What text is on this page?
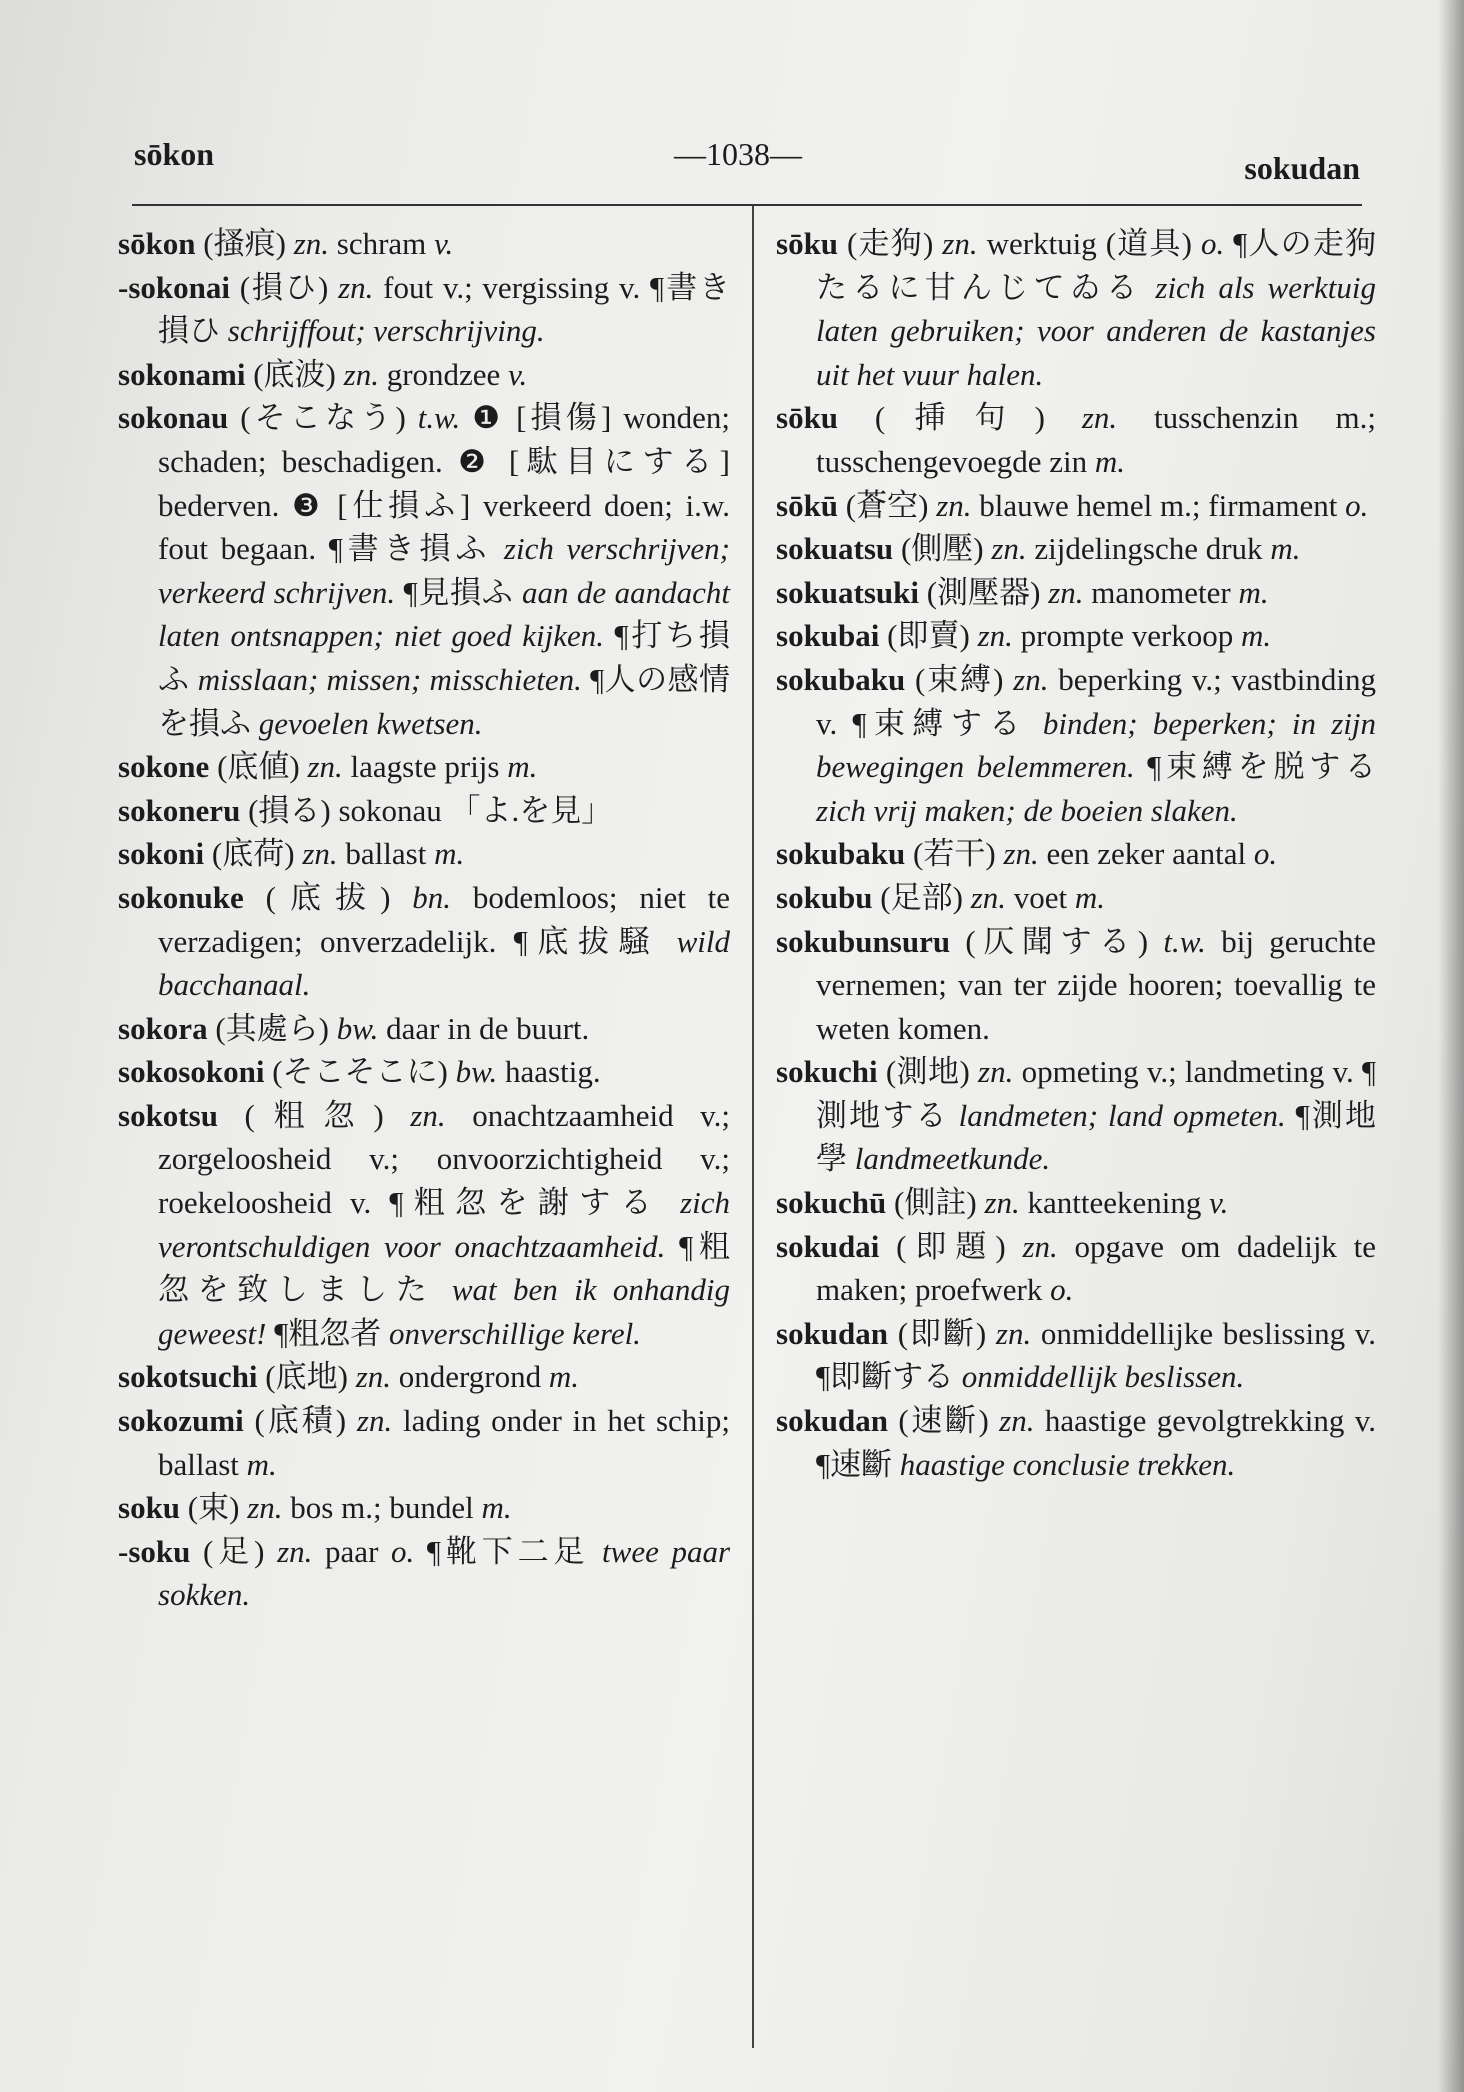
sōkon	—1038—	sokudan

sōkon (搔痕) zn. schram v.

-sokonai (損ひ) zn. fout v.; vergissing v. ¶書き損ひ schrijffout; verschrijving.

sokonami (底波) zn. grondzee v.

sokonau (そこなう) t.w. ❶ [損傷] wonden; schaden; beschadigen. ❷ [駄目にする] bederven. ❸ [仕損ふ] verkeerd doen; i.w. fout begaan. ¶書き損ふ zich verschrijven; verkeerd schrijven. ¶見損ふ aan de aandacht laten ontsnappen; niet goed kijken. ¶打ち損ふ misslaan; missen; misschieten. ¶人の感情を損ふ gevoelen kwetsen.

sokone (底値) zn. laagste prijs m.

sokoneru (損る) sokonau 「よ.を見」

sokoni (底荷) zn. ballast m.

sokonuke (底拔) bn. bodemloos; niet te verzadigen; onverzadelijk. ¶底拔騒 wild bacchanaal.

sokora (其處ら) bw. daar in de buurt.

sokosokoni (そこそこに) bw. haastig.

sokotsu (粗忽) zn. onachtzaamheid v.; zorgeloosheid v.; onvoorzichtigheid v.; roekeloosheid v. ¶粗忽を謝する zich verontschuldigen voor onachtzaamheid. ¶粗忽を致しました wat ben ik onhandig geweest! ¶粗忽者 onverschillige kerel.

sokotsuchi (底地) zn. ondergrond m.

sokozumi (底積) zn. lading onder in het schip; ballast m.

soku (束) zn. bos m.; bundel m.

-soku (足) zn. paar o. ¶靴下二足 twee paar sokken.

sōku (走狗) zn. werktuig (道具) o. ¶人の走狗たるに甘んじてゐる zich als werktuig laten gebruiken; voor anderen de kastanjes uit het vuur halen.

sōku (挿句) zn. tusschenzin m.; tusschengevoegde zin m.

sōkū (蒼空) zn. blauwe hemel m.; firmament o.

sokuatsu (側壓) zn. zijdelingsche druk m.

sokuatsuki (測壓器) zn. manometer m.

sokubai (即賣) zn. prompte verkoop m.

sokubaku (束縛) zn. beperking v.; vastbinding v. ¶束縛する binden; beperken; in zijn bewegingen belemmeren. ¶束縛を脱する zich vrij maken; de boeien slaken.

sokubaku (若干) zn. een zeker aantal o.

sokubu (足部) zn. voet m.

sokubunsuru (仄聞する) t.w. bij geruchte vernemen; van ter zijde hooren; toevallig te weten komen.

sokuchi (測地) zn. opmeting v.; landmeting v. ¶測地する landmeten; land opmeten. ¶測地學 landmeetkunde.

sokuchū (側註) zn. kantteekening v.

sokudai (即題) zn. opgave om dadelijk te maken; proefwerk o.

sokudan (即斷) zn. onmiddellijke beslissing v. ¶即斷する onmiddellijk beslissen.

sokudan (速斷) zn. haastige gevolgtrekking v. ¶速斷 haastige conclusie trekken.
